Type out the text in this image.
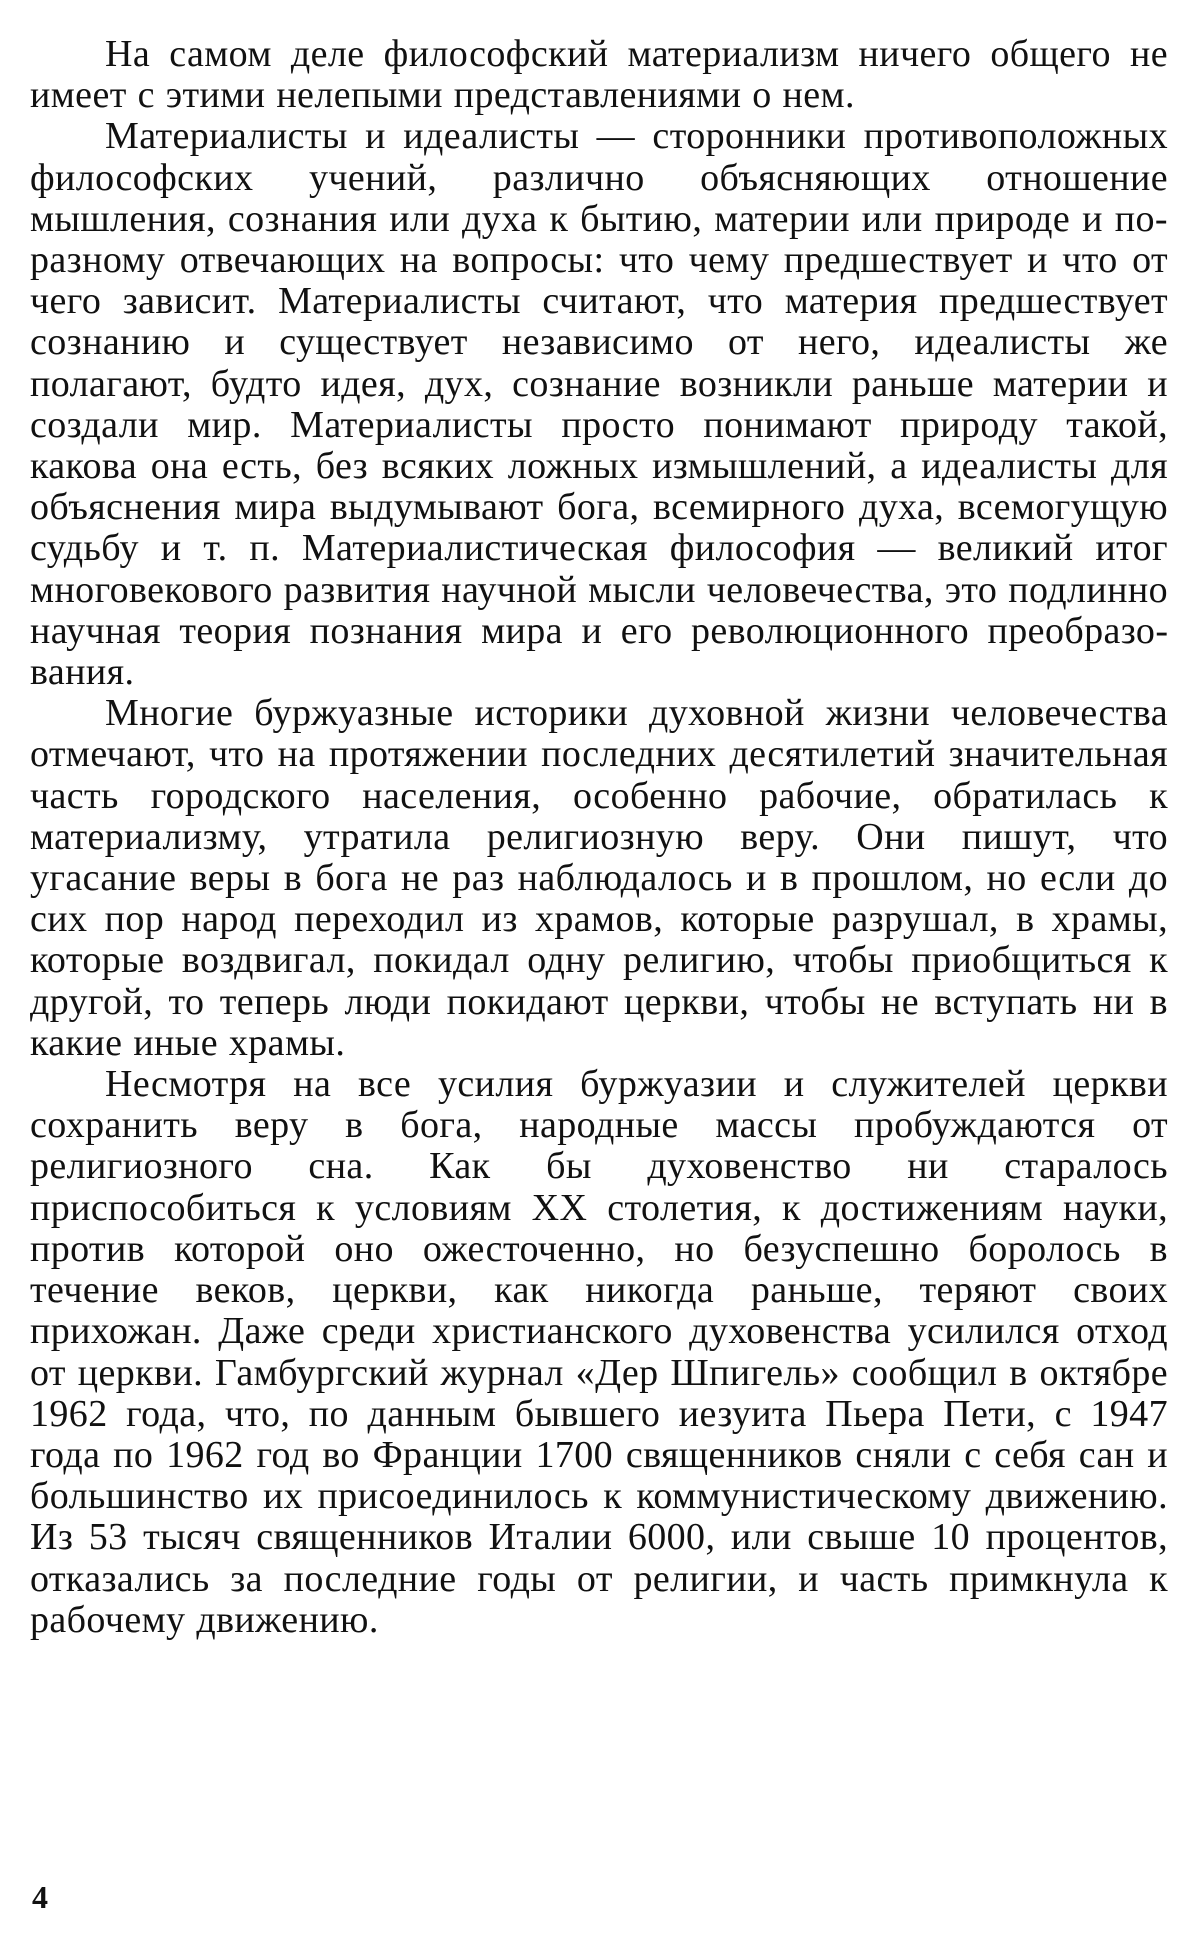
На самом деле философский материализм ничего общего не имеет с этими нелепыми представлениями о нем.

Материалисты и идеалисты — сторонники противоположных философских учений, различно объясняющих отношение мышления, сознания или духа к бытию, материи или природе и по-разному отвечающих на вопросы: что чему предшествует и что от чего зависит. Материалисты считают, что материя предшествует сознанию и существует независимо от него, идеалисты же полагают, будто идея, дух, сознание возникли раньше материи и создали мир. Материалисты просто понимают природу такой, какова она есть, без всяких ложных измышлений, а идеалисты для объяснения мира выдумывают бога, всемирного духа, всемогущую судьбу и т. п. Материалистическая философия — великий итог многовекового развития научной мысли человечества, это подлинно научная теория познания мира и его революционного преобразования.

Многие буржуазные историки духовной жизни человечества отмечают, что на протяжении последних десятилетий значительная часть городского населения, особенно рабочие, обратилась к материализму, утратила религиозную веру. Они пишут, что угасание веры в бога не раз наблюдалось и в прошлом, но если до сих пор народ переходил из храмов, которые разрушал, в храмы, которые воздвигал, покидал одну религию, чтобы приобщиться к другой, то теперь люди покидают церкви, чтобы не вступать ни в какие иные храмы.

Несмотря на все усилия буржуазии и служителей церкви сохранить веру в бога, народные массы пробуждаются от религиозного сна. Как бы духовенство ни старалось приспособиться к условиям XX столетия, к достижениям науки, против которой оно ожесточенно, но безуспешно боролось в течение веков, церкви, как никогда раньше, теряют своих прихожан. Даже среди христианского духовенства усилился отход от церкви. Гамбургский журнал «Дер Шпигель» сообщил в октябре 1962 года, что, по данным бывшего иезуита Пьера Пети, с 1947 года по 1962 год во Франции 1700 священников сняли с себя сан и большинство их присоединилось к коммунистическому движению. Из 53 тысяч священников Италии 6000, или свыше 10 процентов, отказались за последние годы от религии, и часть примкнула к рабочему движению.

4
